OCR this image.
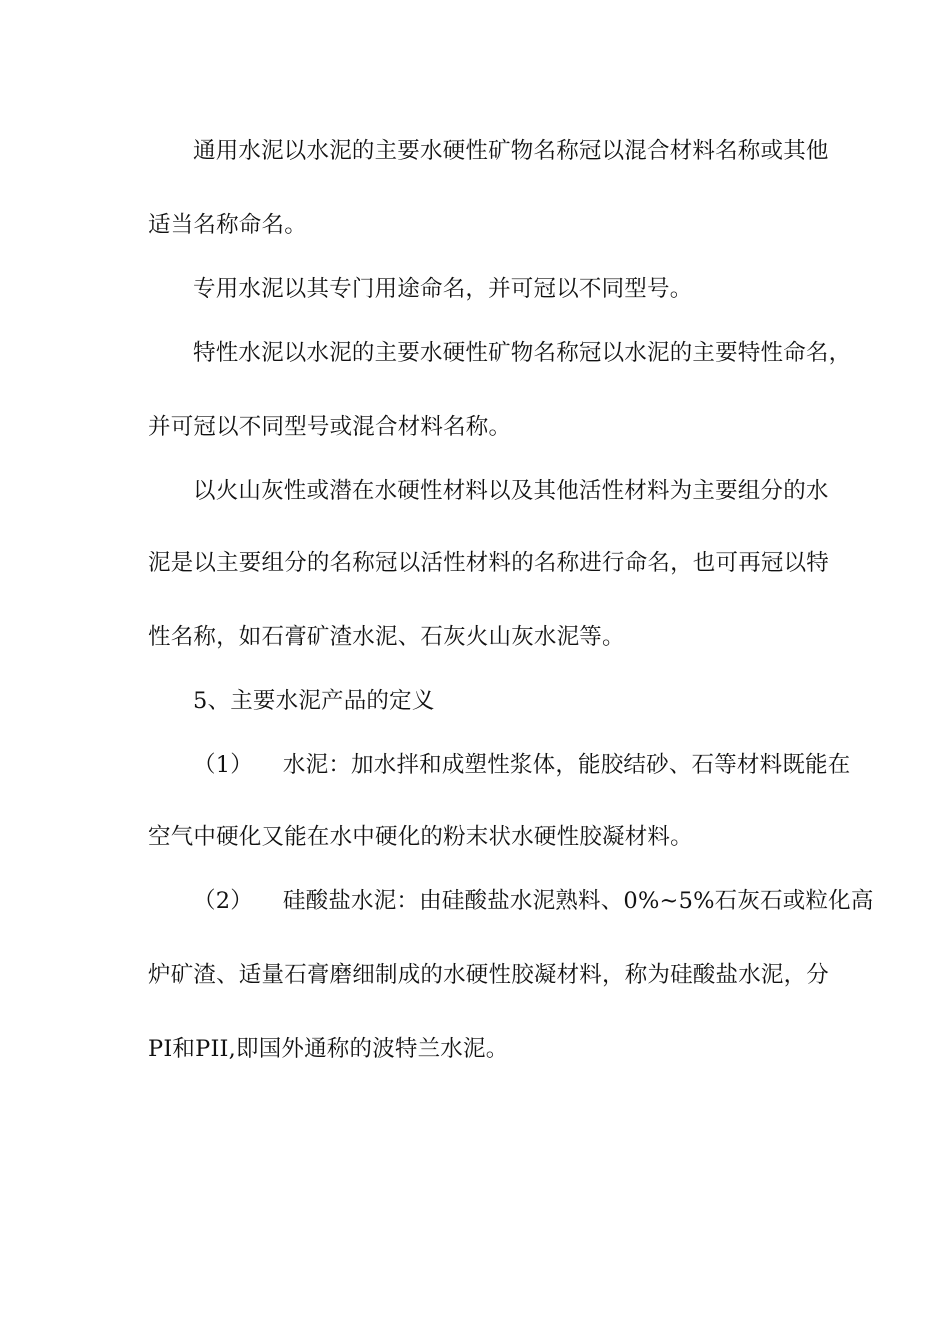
通用水泥以水泥的主要水硬性矿物名称冠以混合材料名称或其他
适当名称命名。
专用水泥以其专门用途命名，并可冠以不同型号。
特性水泥以水泥的主要水硬性矿物名称冠以水泥的主要特性命名，
并可冠以不同型号或混合材料名称。
以火山灰性或潜在水硬性材料以及其他活性材料为主要组分的水
泥是以主要组分的名称冠以活性材料的名称进行命名，也可再冠以特
性名称，如石膏矿渣水泥、石灰火山灰水泥等。
5、主要水泥产品的定义
（1） 水泥：加水拌和成塑性浆体，能胶结砂、石等材料既能在
空气中硬化又能在水中硬化的粉末状水硬性胶凝材料。
（2） 硅酸盐水泥：由硅酸盐水泥熟料、0%~5%石灰石或粒化高
炉矿渣、适量石膏磨细制成的水硬性胶凝材料，称为硅酸盐水泥，分
PI和PII,即国外通称的波特兰水泥。
